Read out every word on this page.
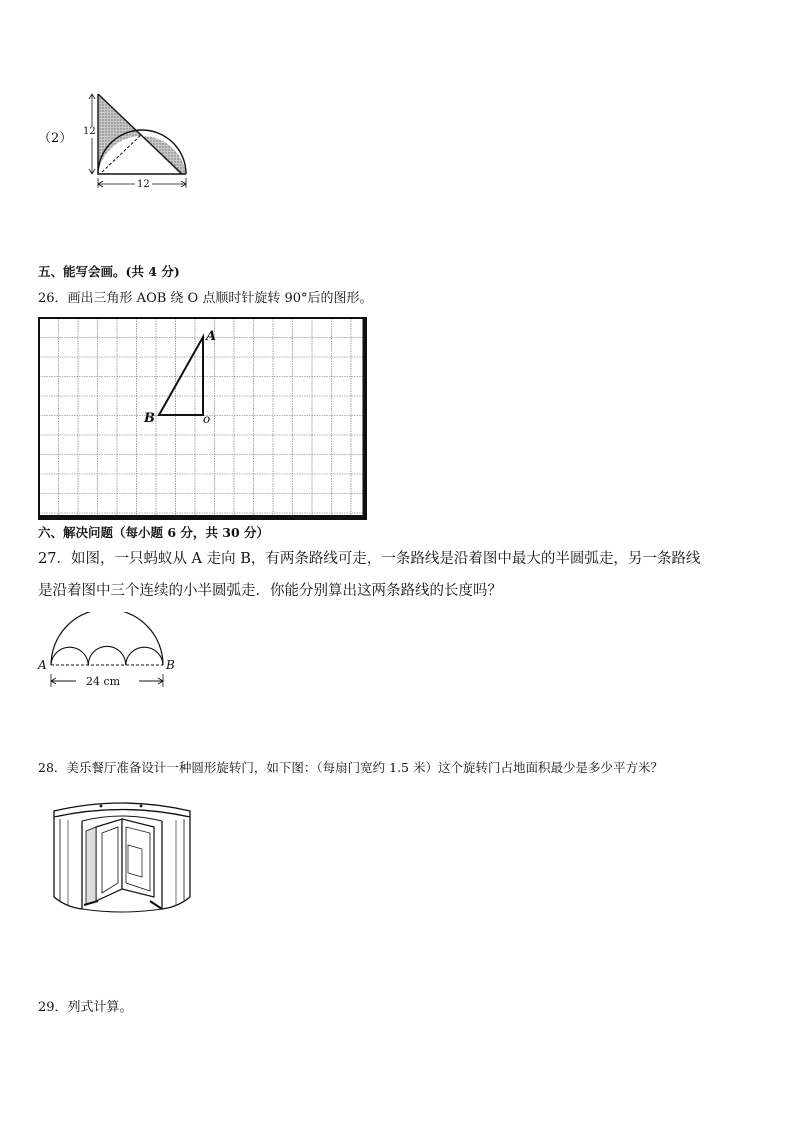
（2） 12
12
五、能写会画。(共 4 分)
26．画出三角形 AOB 绕 O 点顺时针旋转 90°后的图形。
A
B	o
六、解决问题（每小题 6 分，共 30 分）
27．如图，一只蚂蚁从 A 走向 B，有两条路线可走，一条路线是沿着图中最大的半圆弧走，另一条路线
是沿着图中三个连续的小半圆弧走．你能分别算出这两条路线的长度吗？
A	B
24 cm
28．美乐餐厅准备设计一种圆形旋转门，如下图：（每扇门宽约 1.5 米）这个旋转门占地面积最少是多少平方米？
29．列式计算。
